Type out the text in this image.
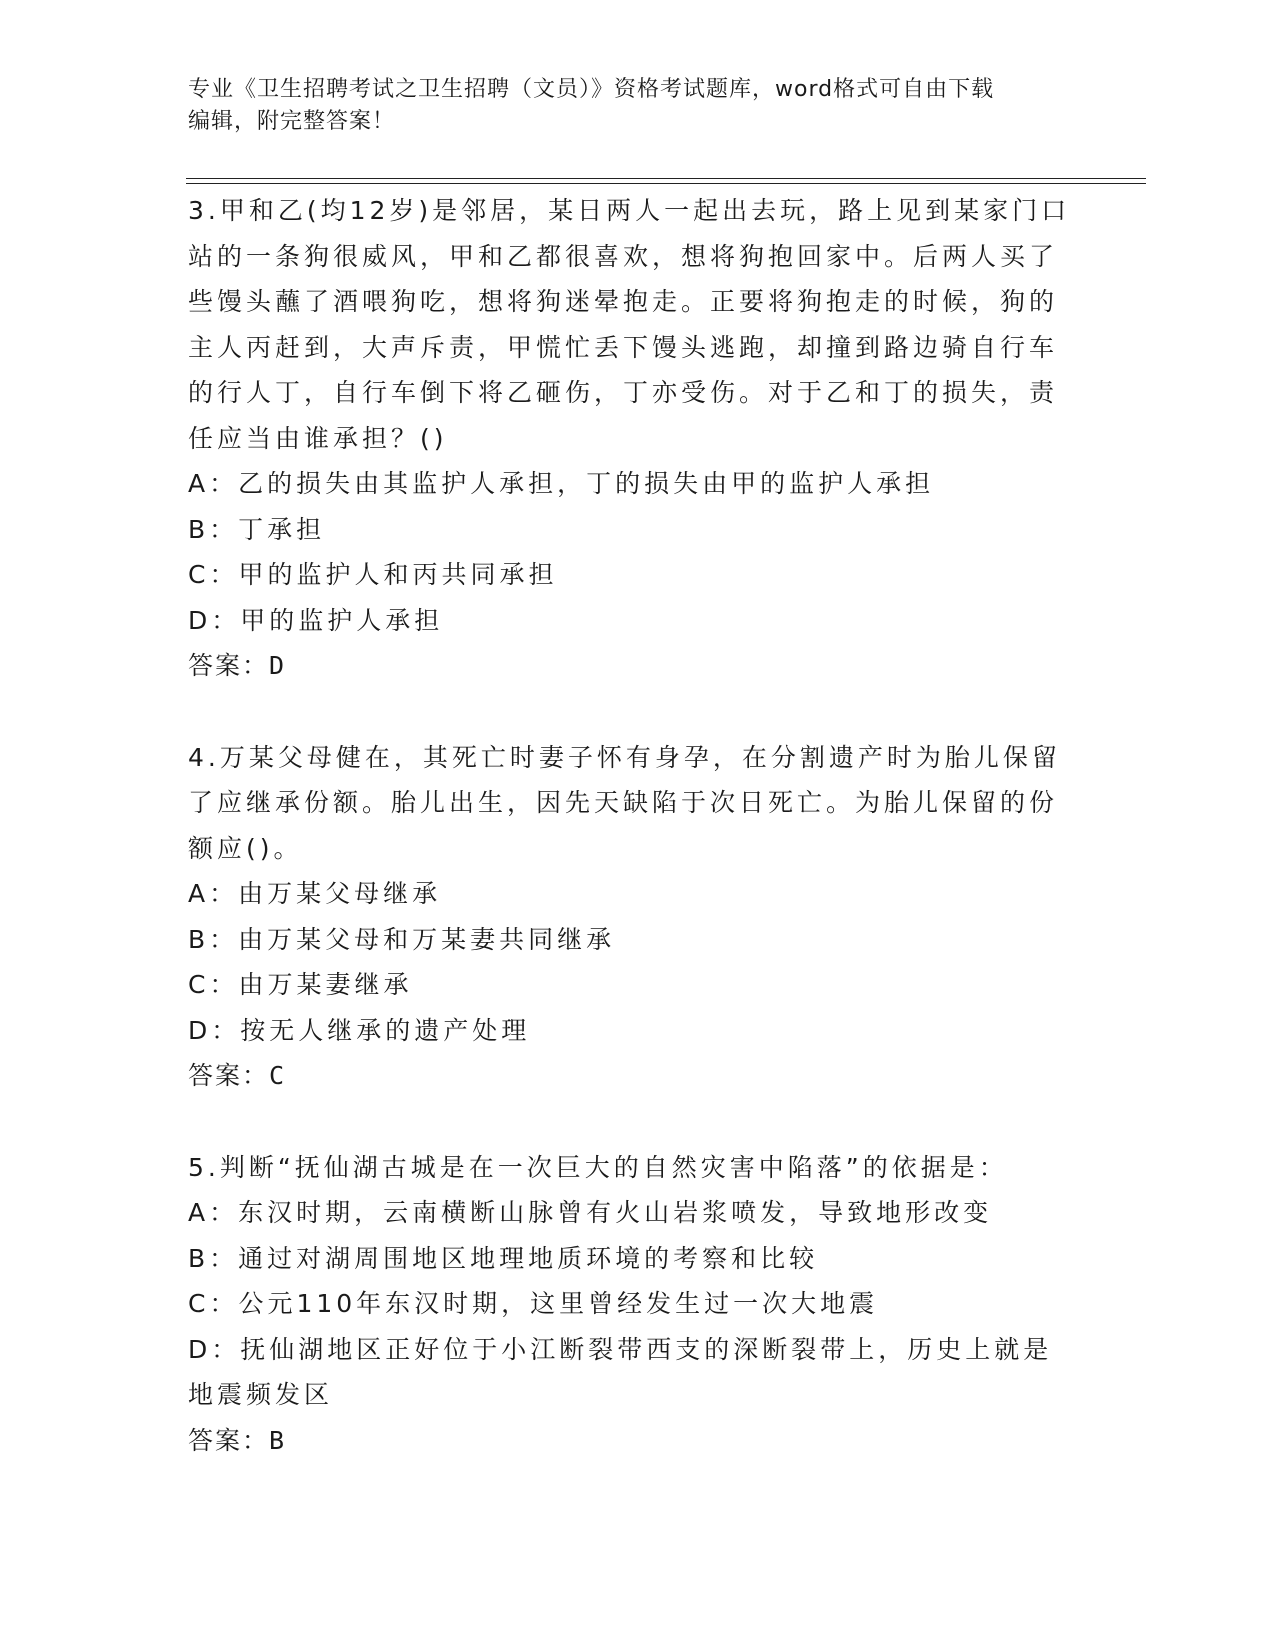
专业《卫生招聘考试之卫生招聘（文员）》资格考试题库，word格式可自由下载
编辑，附完整答案！

3.甲和乙(均12岁)是邻居，某日两人一起出去玩，路上见到某家门口站的一条狗很威风，甲和乙都很喜欢，想将狗抱回家中。后两人买了些馒头蘸了酒喂狗吃，想将狗迷晕抱走。正要将狗抱走的时候，狗的主人丙赶到，大声斥责，甲慌忙丢下馒头逃跑，却撞到路边骑自行车的行人丁，自行车倒下将乙砸伤，丁亦受伤。对于乙和丁的损失，责任应当由谁承担？()

A：乙的损失由其监护人承担，丁的损失由甲的监护人承担

B：丁承担

C：甲的监护人和丙共同承担

D：甲的监护人承担

答案：D

4.万某父母健在，其死亡时妻子怀有身孕，在分割遗产时为胎儿保留了应继承份额。胎儿出生，因先天缺陷于次日死亡。为胎儿保留的份额应()。

A：由万某父母继承

B：由万某父母和万某妻共同继承

C：由万某妻继承

D：按无人继承的遗产处理

答案：C

5.判断“抚仙湖古城是在一次巨大的自然灾害中陷落”的依据是：

A：东汉时期，云南横断山脉曾有火山岩浆喷发，导致地形改变

B：通过对湖周围地区地理地质环境的考察和比较

C：公元110年东汉时期，这里曾经发生过一次大地震

D：抚仙湖地区正好位于小江断裂带西支的深断裂带上，历史上就是地震频发区

答案：B
